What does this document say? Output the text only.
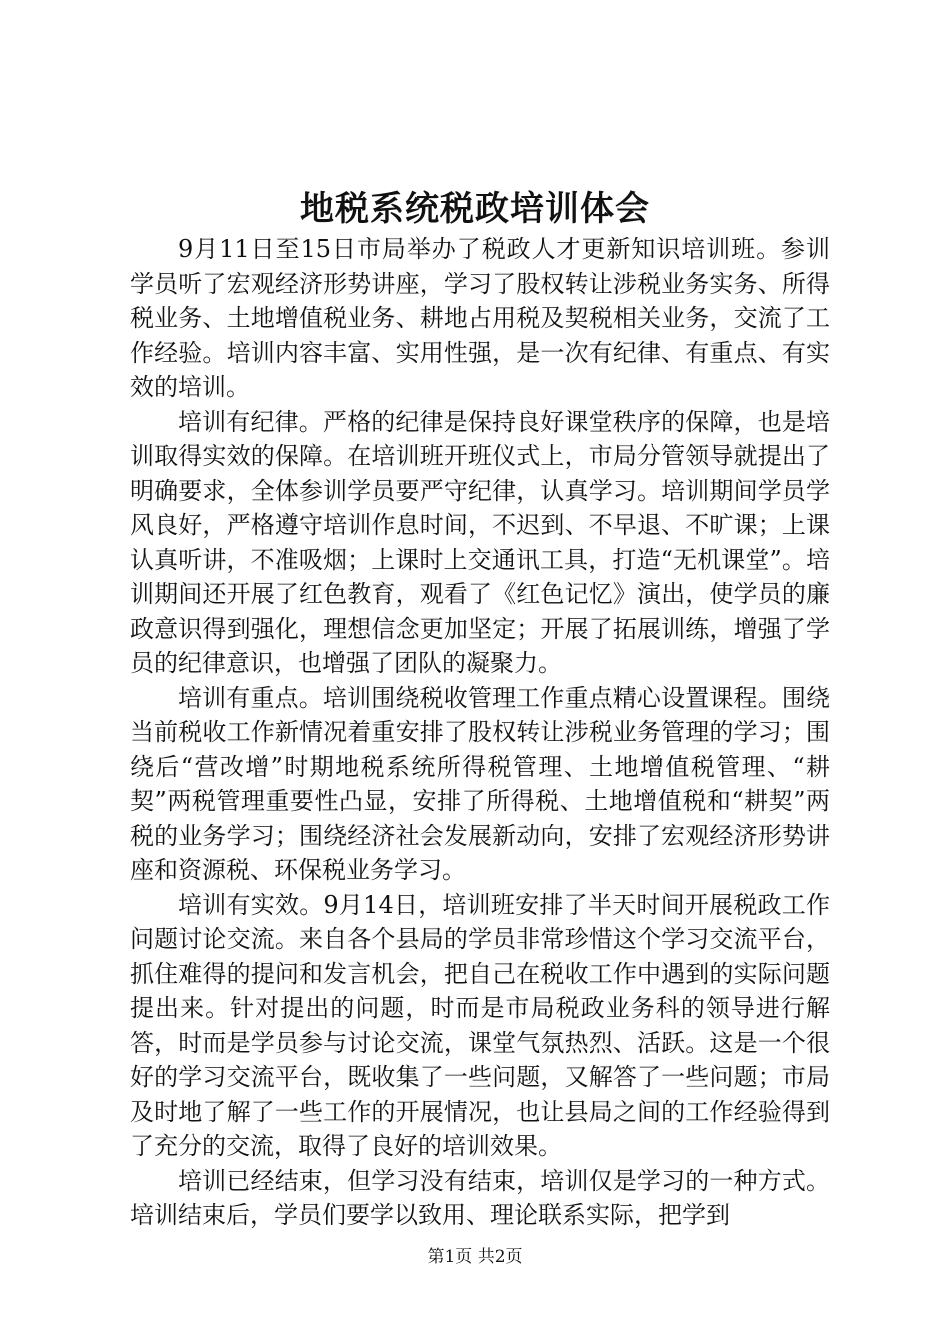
地税系统税政培训体会

9月11日至15日市局举办了税政人才更新知识培训班。参训学员听了宏观经济形势讲座，学习了股权转让涉税业务实务、所得税业务、土地增值税业务、耕地占用税及契税相关业务，交流了工作经验。培训内容丰富、实用性强，是一次有纪律、有重点、有实效的培训。

培训有纪律。严格的纪律是保持良好课堂秩序的保障，也是培训取得实效的保障。在培训班开班仪式上，市局分管领导就提出了明确要求，全体参训学员要严守纪律，认真学习。培训期间学员学风良好，严格遵守培训作息时间，不迟到、不早退、不旷课；上课认真听讲，不准吸烟；上课时上交通讯工具，打造“无机课堂”。培训期间还开展了红色教育，观看了《红色记忆》演出，使学员的廉政意识得到强化，理想信念更加坚定；开展了拓展训练，增强了学员的纪律意识，也增强了团队的凝聚力。

培训有重点。培训围绕税收管理工作重点精心设置课程。围绕当前税收工作新情况着重安排了股权转让涉税业务管理的学习；围绕后“营改增”时期地税系统所得税管理、土地增值税管理、“耕契”两税管理重要性凸显，安排了所得税、土地增值税和“耕契”两税的业务学习；围绕经济社会发展新动向，安排了宏观经济形势讲座和资源税、环保税业务学习。

培训有实效。9月14日，培训班安排了半天时间开展税政工作问题讨论交流。来自各个县局的学员非常珍惜这个学习交流平台，抓住难得的提问和发言机会，把自己在税收工作中遇到的实际问题提出来。针对提出的问题，时而是市局税政业务科的领导进行解答，时而是学员参与讨论交流，课堂气氛热烈、活跃。这是一个很好的学习交流平台，既收集了一些问题，又解答了一些问题；市局及时地了解了一些工作的开展情况，也让县局之间的工作经验得到了充分的交流，取得了良好的培训效果。

培训已经结束，但学习没有结束，培训仅是学习的一种方式。培训结束后，学员们要学以致用、理论联系实际，把学到

第1页 共2页
